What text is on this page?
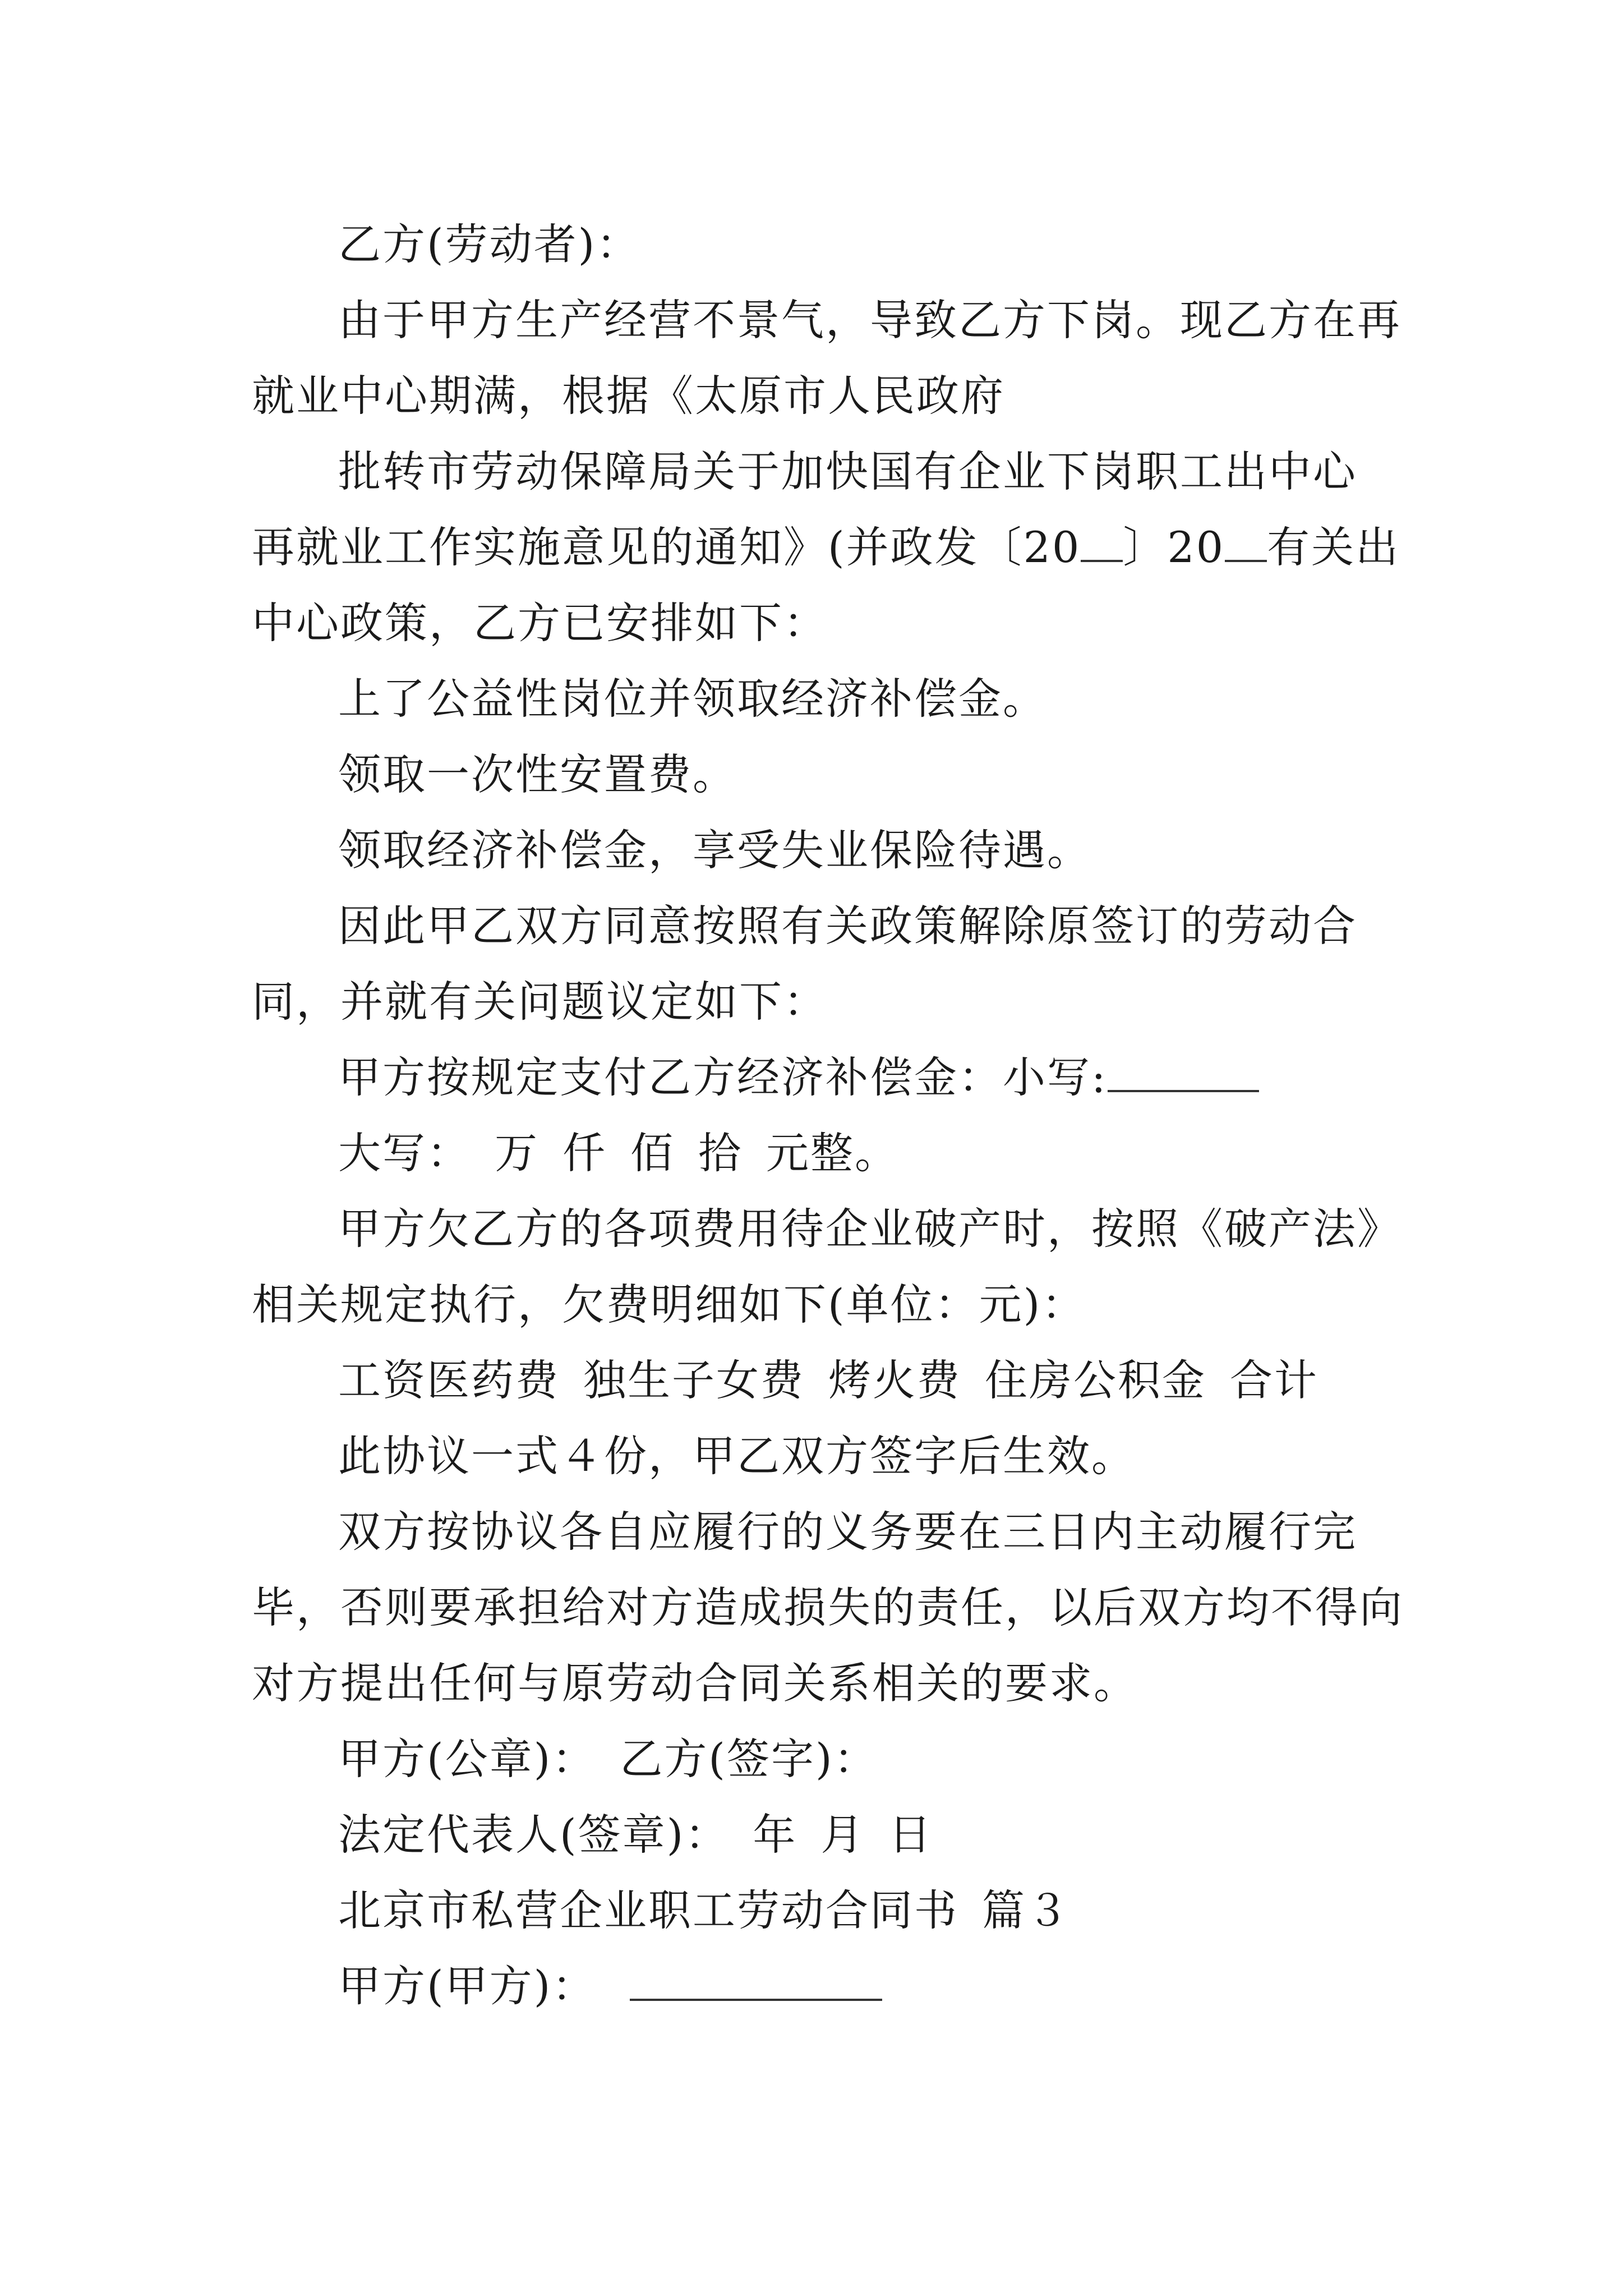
乙方(劳动者)：

由于甲方生产经营不景气，导致乙方下岗。现乙方在再

就业中心期满，根据《太原市人民政府

批转市劳动保障局关于加快国有企业下岗职工出中心

再就业工作实施意见的通知》(并政发〔20 〕20 有关出

中心政策，乙方已安排如下：

上了公益性岗位并领取经济补偿金。

领取一次性安置费。

领取经济补偿金，享受失业保险待遇。

因此甲乙双方同意按照有关政策解除原签订的劳动合

同，并就有关问题议定如下：

甲方按规定支付乙方经济补偿金：小写:

大写： 万 仟 佰 拾 元整。

甲方欠乙方的各项费用待企业破产时，按照《破产法》

相关规定执行，欠费明细如下(单位：元)：

工资医药费 独生子女费 烤火费 住房公积金 合计

此协议一式４份，甲乙双方签字后生效。

双方按协议各自应履行的义务要在三日内主动履行完

毕，否则要承担给对方造成损失的责任，以后双方均不得向

对方提出任何与原劳动合同关系相关的要求。

甲方(公章)： 乙方(签字)：

法定代表人(签章)： 年 月 日

北京市私营企业职工劳动合同书 篇３

甲方(甲方)：
